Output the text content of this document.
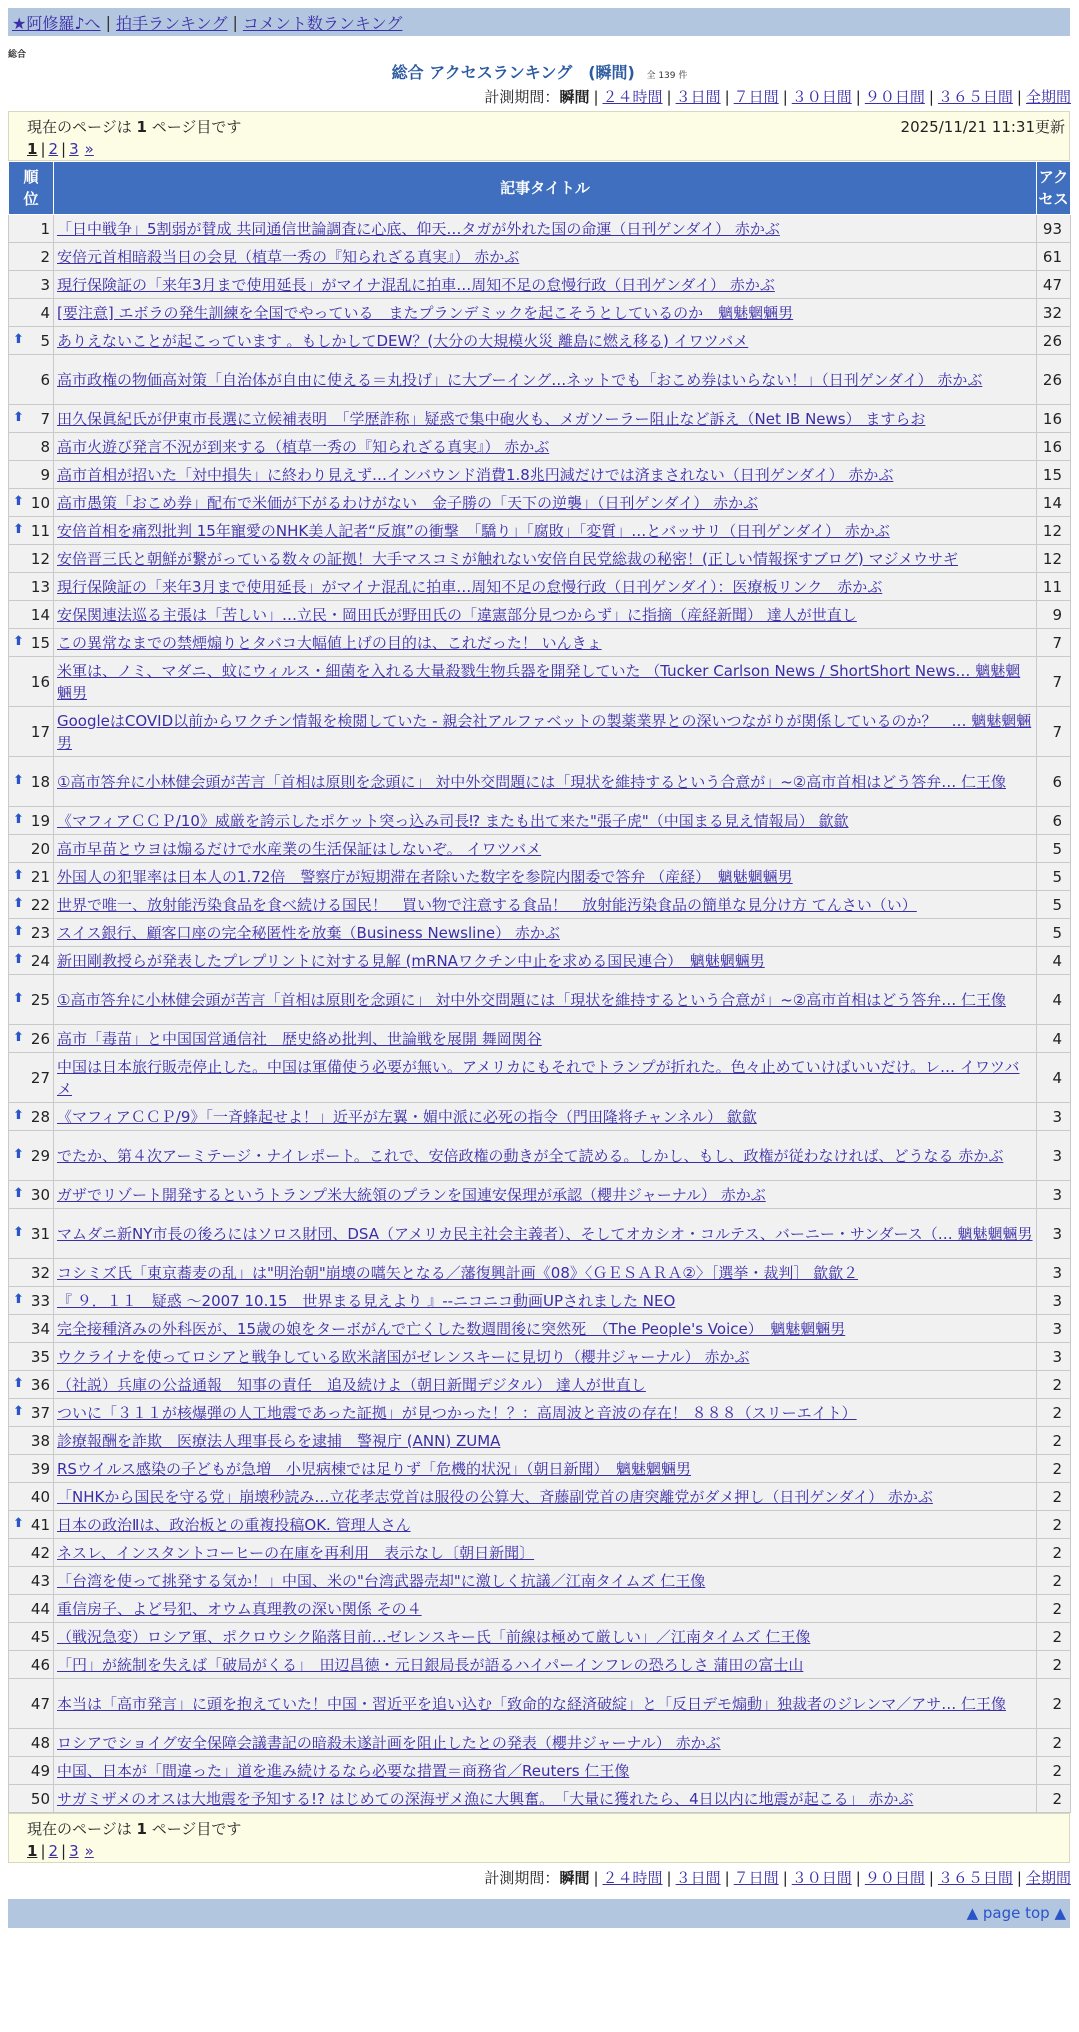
★阿修羅♪へ | 拍手ランキング | コメント数ランキング
総合
総合 アクセスランキング　(瞬間) 全 139 件
計測期間：瞬間 | ２４時間 | ３日間 | ７日間 | ３０日間 | ９０日間 | ３６５日間 | 全期間
現在のページは 1 ページ目です	2025/11/21 11:31更新
1 | 2 | 3 »
順
位	記事タイトル	アク
セス
1	「日中戦争」5割弱が賛成 共同通信世論調査に心底、仰天…タガが外れた国の命運（日刊ゲンダイ） 赤かぶ	93
2	安倍元首相暗殺当日の会見（植草一秀の『知られざる真実』） 赤かぶ	61
3	現行保険証の「来年3月まで使用延長」がマイナ混乱に拍車…周知不足の怠慢行政（日刊ゲンダイ） 赤かぶ	47
4	[要注意] エボラの発生訓練を全国でやっている　またプランデミックを起こそうとしているのか　魑魅魍魎男	32

⬆ 5	ありえないことが起こっています 。もしかしてDEW？(大分の大規模火災 離島に燃え移る) イワツバメ	26
6	高市政権の物価高対策「自治体が自由に使える＝丸投げ」に大ブーイング…ネットでも「おこめ券はいらない！」（日刊ゲンダイ） 赤かぶ	26

⬆ 7	田久保眞紀氏が伊東市長選に立候補表明　「学歴詐称」疑惑で集中砲火も、メガソーラー阻止など訴え（Net IB News） ますらお	16
8	高市火遊び発言不況が到来する（植草一秀の『知られざる真実』） 赤かぶ	16
9	高市首相が招いた「対中損失」に終わり見えず…インバウンド消費1.8兆円減だけでは済まされない（日刊ゲンダイ） 赤かぶ	15

⬆ 10	高市愚策「おこめ券」配布で米価が下がるわけがない　金子勝の「天下の逆襲」（日刊ゲンダイ） 赤かぶ	14

⬆ 11	安倍首相を痛烈批判 15年寵愛のNHK美人記者“反旗”の衝撃　「驕り」「腐敗」「変質」…とバッサリ（日刊ゲンダイ） 赤かぶ	12
12	安倍晋三氏と朝鮮が繋がっている数々の証拠！大手マスコミが触れない安倍自民党総裁の秘密！(正しい情報探すブログ) マジメウサギ	12
13	現行保険証の「来年3月まで使用延長」がマイナ混乱に拍車…周知不足の怠慢行政（日刊ゲンダイ）：医療板リンク　赤かぶ	11
14	安保関連法巡る主張は「苦しい」…立民・岡田氏が野田氏の「違憲部分見つからず」に指摘（産経新聞） 達人が世直し	9

⬆ 15	この異常なまでの禁煙煽りとタバコ大幅値上げの目的は、これだった！ いんきょ	7
16	米軍は、ノミ、マダニ、蚊にウィルス・細菌を入れる大量殺戮生物兵器を開発していた （Tucker Carlson News / ShortShort News… 魑魅魍魎男	7
17	GoogleはCOVID以前からワクチン情報を検閲していた - 親会社アルファベットの製薬業界との深いつながりが関係しているのか？　… 魑魅魍魎男	7

⬆ 18	①高市答弁に小林健会頭が苦言「首相は原則を念頭に」 対中外交問題には「現状を維持するという合意が」~②高市首相はどう答弁… 仁王像	6

⬆ 19	《マフィアＣＣＰ/10》威厳を誇示したポケット突っ込み司長⁉ またも出て来た"張子虎"（中国まる見え情報局） 歙歙	6
20	高市早苗とウヨは煽るだけで水産業の生活保証はしないぞ。 イワツバメ	5

⬆ 21	外国人の犯罪率は日本人の1.72倍　警察庁が短期滞在者除いた数字を参院内閣委で答弁 （産経）　魑魅魍魎男	5

⬆ 22	世界で唯一、放射能汚染食品を食べ続ける国民！　買い物で注意する食品！　放射能汚染食品の簡単な見分け方 てんさい（い）	5

⬆ 23	スイス銀行、顧客口座の完全秘匿性を放棄（Business Newsline） 赤かぶ	5

⬆ 24	新田剛教授らが発表したプレプリントに対する見解 (mRNAワクチン中止を求める国民連合）　魑魅魍魎男	4

⬆ 25	①高市答弁に小林健会頭が苦言「首相は原則を念頭に」 対中外交問題には「現状を維持するという合意が」~②高市首相はどう答弁… 仁王像	4

⬆ 26	高市「毒苗」と中国国営通信社　歴史絡め批判、世論戦を展開 舞岡関谷	4
27	中国は日本旅行販売停止した。中国は軍備使う必要が無い。アメリカにもそれでトランプが折れた。色々止めていけばいいだけ。レ… イワツバメ	4

⬆ 28	《マフィアＣＣＰ/9》「一斉蜂起せよ！」近平が左翼・媚中派に必死の指令（門田隆将チャンネル） 歙歙	3

⬆ 29	でたか、第４次アーミテージ・ナイレポート。これで、安倍政権の動きが全て読める。しかし、もし、政権が従わなければ、どうなる 赤かぶ	3

⬆ 30	ガザでリゾート開発するというトランプ米大統領のプランを国連安保理が承認（櫻井ジャーナル） 赤かぶ	3

⬆ 31	マムダニ新NY市長の後ろにはソロス財団、DSA（アメリカ民主社会主義者）、そしてオカシオ・コルテス、バーニー・サンダース（… 魑魅魍魎男	3
32	コシミズ氏「東京蕎麦の乱」は"明治朝"崩壊の嚆矢となる／藩復興計画《08》〈ＧＥＳＡＲＡ②〉［選挙・裁判］ 歙歙２	3

⬆ 33	『 ９．１１　疑惑 ～2007 10.15　世界まる見えより 』--ニコニコ動画UPされました NEO	3
34	完全接種済みの外科医が、15歳の娘をターボがんで亡くした数週間後に突然死　（The People's Voice）　魑魅魍魎男	3
35	ウクライナを使ってロシアと戦争している欧米諸国がゼレンスキーに見切り（櫻井ジャーナル） 赤かぶ	3

⬆ 36	（社説）兵庫の公益通報　知事の責任　追及続けよ（朝日新聞デジタル） 達人が世直し	2

⬆ 37	ついに「３１１が核爆弾の人工地震であった証拠」が見つかった！？：高周波と音波の存在！ ８８８（スリーエイト）	2
38	診療報酬を詐欺　医療法人理事長らを逮捕　警視庁 (ANN) ZUMA	2
39	RSウイルス感染の子どもが急増　小児病棟では足りず「危機的状況」（朝日新聞）　魑魅魍魎男	2
40	「NHKから国民を守る党」崩壊秒読み…立花孝志党首は服役の公算大、斉藤副党首の唐突離党がダメ押し（日刊ゲンダイ） 赤かぶ	2

⬆ 41	日本の政治Ⅱは、政治板との重複投稿OK. 管理人さん	2
42	ネスレ、インスタントコーヒーの在庫を再利用　表示なし〔朝日新聞〕	2
43	「台湾を使って挑発する気か！」中国、米の"台湾武器売却"に激しく抗議／江南タイムズ 仁王像	2
44	重信房子、よど号犯、オウム真理教の深い関係 その４	2
45	（戦況急変）ロシア軍、ポクロウシク陥落目前…ゼレンスキー氏「前線は極めて厳しい」／江南タイムズ 仁王像	2
46	「円」が統制を失えば「破局がくる」　田辺昌徳・元日銀局長が語るハイパーインフレの恐ろしさ 蒲田の富士山	2
47	本当は「高市発言」に頭を抱えていた！中国・習近平を追い込む「致命的な経済破綻」と「反日デモ煽動」独裁者のジレンマ／アサ… 仁王像	2
48	ロシアでショイグ安全保障会議書記の暗殺未遂計画を阻止したとの発表（櫻井ジャーナル） 赤かぶ	2
49	中国、日本が「間違った」道を進み続けるなら必要な措置＝商務省／Reuters 仁王像	2
50	サガミザメのオスは大地震を予知する!? はじめての深海ザメ漁に大興奮。　「大量に獲れたら、4日以内に地震が起こる」 赤かぶ	2
現在のページは 1 ページ目です
1 | 2 | 3 »
計測期間：瞬間 | ２４時間 | ３日間 | ７日間 | ３０日間 | ９０日間 | ３６５日間 | 全期間
▲ page top ▲
